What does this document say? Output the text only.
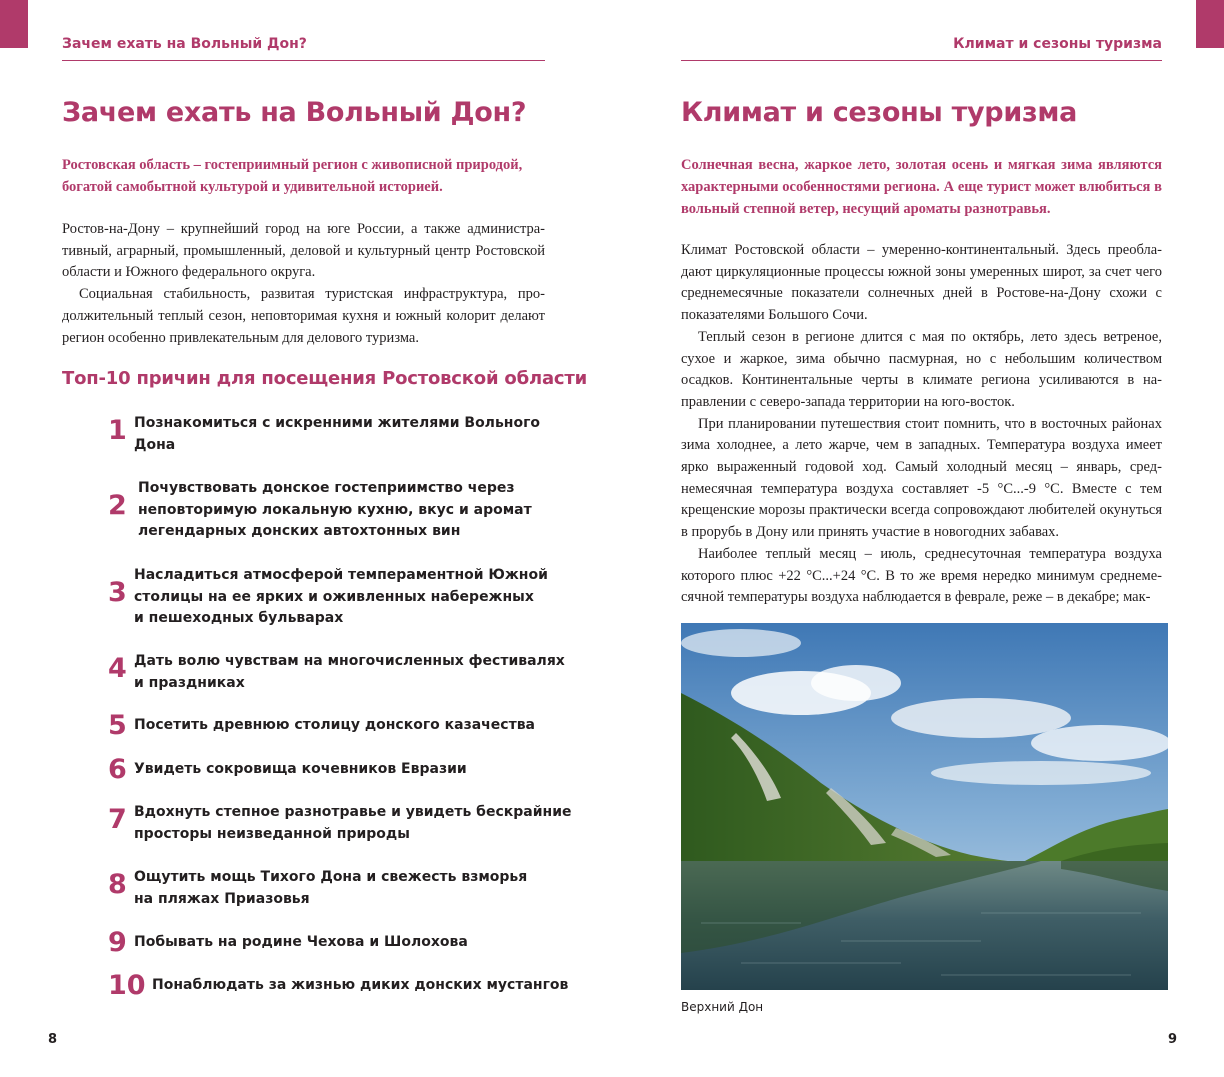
Зачем ехать на Вольный Дон?
Зачем ехать на Вольный Дон?
Ростовская область – гостеприимный регион с живописной природой,
богатой самобытной культурой и удивительной историей.

Ростов-на-Дону – крупнейший город на юге России, а также административный, аграрный, промышленный, деловой и культурный центр Ростовской области и Южного федерального округа.

Социальная стабильность, развитая туристская инфраструктура, продолжительный теплый сезон, неповторимая кухня и южный колорит делают регион особенно привлекательным для делового туризма.

Топ-10 причин для посещения Ростовской области
1 Познакомиться с искренними жителями Вольного
Дона
2
Почувствовать донское гостеприимство через
неповторимую локальную кухню, вкус и аромат
легендарных донских автохтонных вин
3
Насладиться атмосферой темпераментной Южной
столицы на ее ярких и оживленных набережных
и пешеходных бульварах
4 Дать волю чувствам на многочисленных фестивалях
и праздниках
5 Посетить древнюю столицу донского казачества
6 Увидеть сокровища кочевников Евразии
7 Вдохнуть степное разнотравье и увидеть бескрайние
просторы неизведанной природы
8 Ощутить мощь Тихого Дона и свежесть взморья
на пляжах Приазовья
9 Побывать на родине Чехова и Шолохова
10 Понаблюдать за жизнью диких донских мустангов
8
Климат и сезоны туризма
Климат и сезоны туризма
Солнечная весна, жаркое лето, золотая осень и мягкая зима являются характерными особенностями региона. А еще турист может влюбиться в вольный степной ветер, несущий ароматы разнотравья.

Климат Ростовской области – умеренно-континентальный. Здесь преобладают циркуляционные процессы южной зоны умеренных широт, за счет чего среднемесячные показатели солнечных дней в Ростове-на-Дону схожи с показателями Большого Сочи.

Теплый сезон в регионе длится с мая по октябрь, лето здесь ветреное, сухое и жаркое, зима обычно пасмурная, но с небольшим количеством осадков. Континентальные черты в климате региона усиливаются в направлении с северо-запада территории на юго-восток.

При планировании путешествия стоит помнить, что в восточных районах зима холоднее, а лето жарче, чем в западных. Температура воздуха имеет ярко выраженный годовой ход. Самый холодный месяц – январь, среднемесячная температура воздуха составляет -5 °С...-9 °С. Вместе с тем крещенские морозы практически всегда сопровождают любителей окунуться в прорубь в Дону или принять участие в новогодних забавах.

Наиболее теплый месяц – июль, среднесуточная температура воздуха которого плюс +22 °С...+24 °С. В то же время нередко минимум среднемесячной температуры воздуха наблюдается в феврале, реже – в декабре; мак-

Верхний Дон
9
